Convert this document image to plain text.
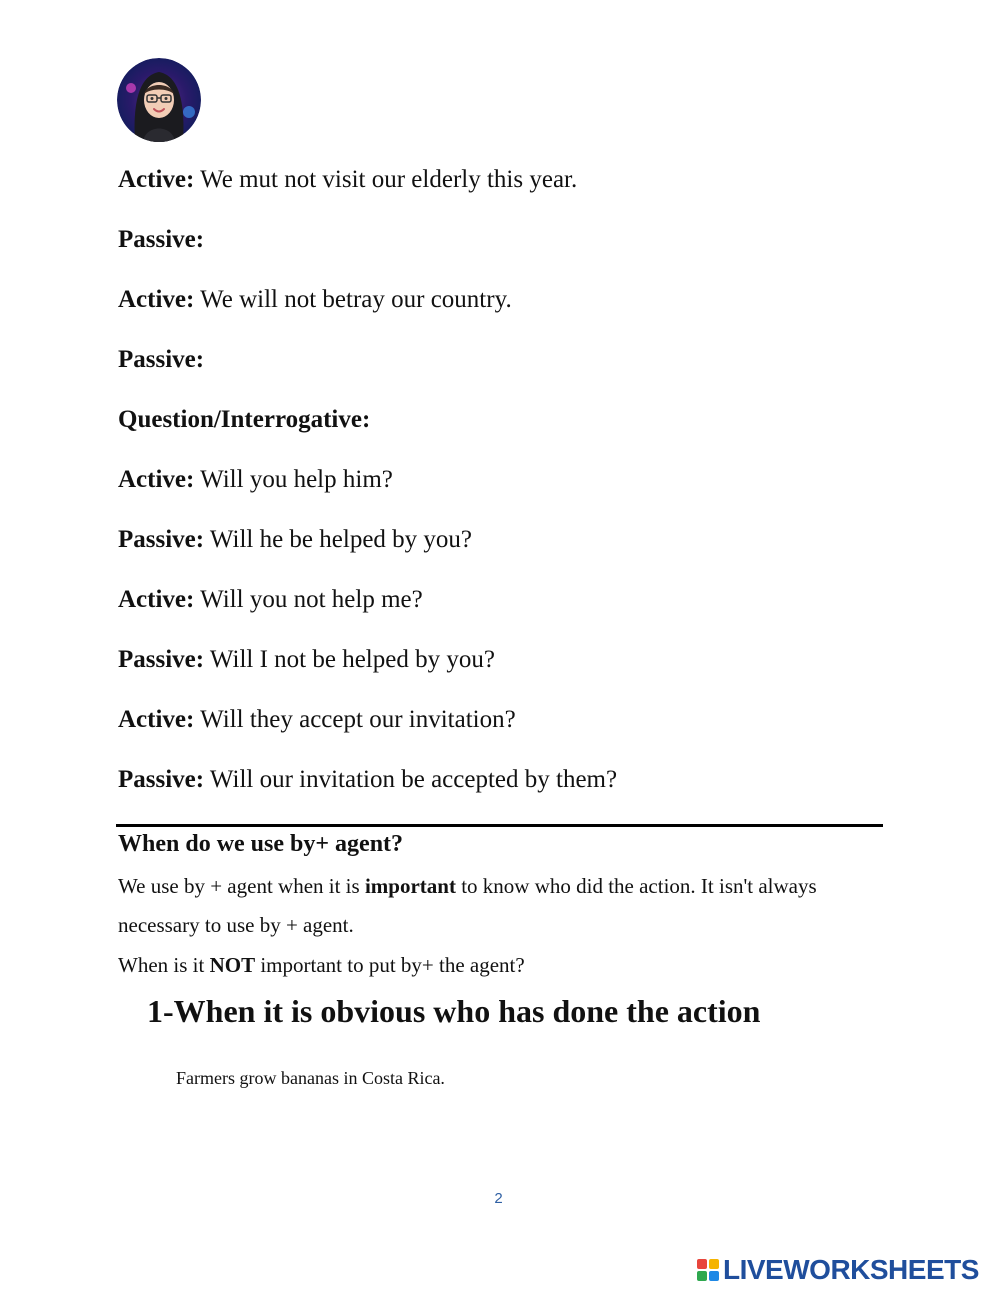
Active: We mut not visit our elderly this year.
Passive:
Active: We will not betray our country.
Passive:
Question/Interrogative:
Active: Will you help him?
Passive: Will he be helped by you?
Active: Will you not help me?
Passive: Will I not be helped by you?
Active: Will they accept our invitation?
Passive: Will our invitation be accepted by them?
When do we use by+ agent?
We use by + agent when it is important to know who did the action. It isn't always
necessary to use by + agent.
When is it NOT important to put by+ the agent?
1-When it is obvious who has done the action
Farmers grow bananas in Costa Rica.
2
LIVEWORKSHEETS
